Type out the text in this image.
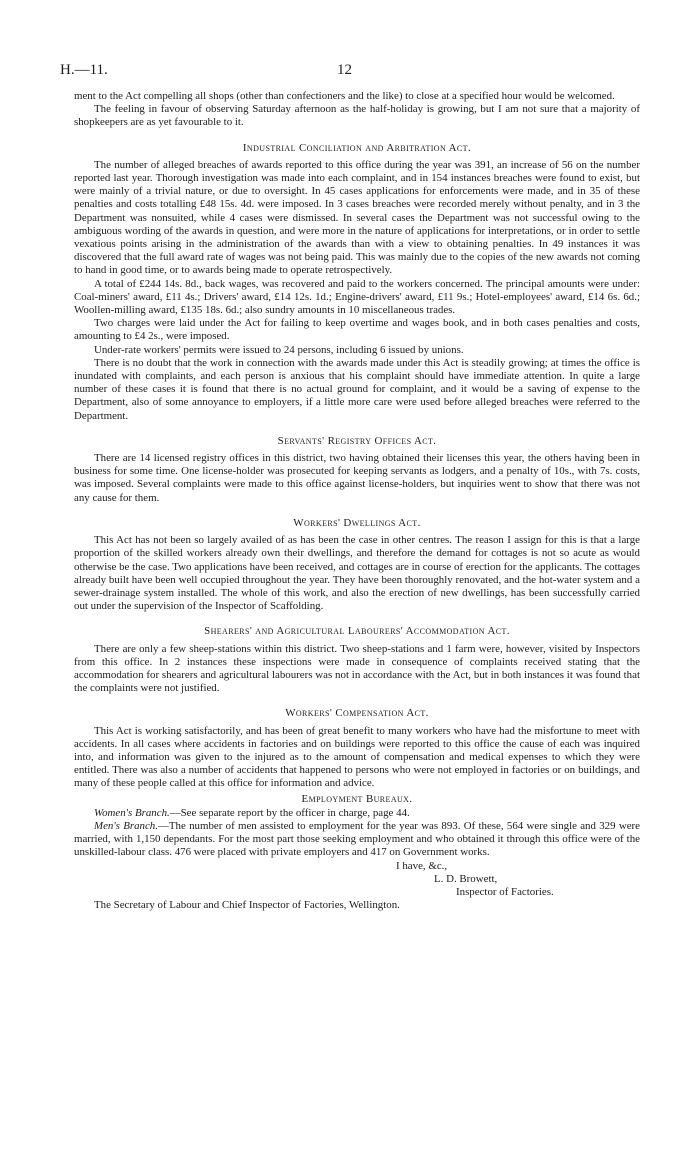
H.—11.	12

ment to the Act compelling all shops (other than confectioners and the like) to close at a specified hour would be welcomed.

The feeling in favour of observing Saturday afternoon as the half-holiday is growing, but I am not sure that a majority of shopkeepers are as yet favourable to it.

Industrial Conciliation and Arbitration Act.

The number of alleged breaches of awards reported to this office during the year was 391, an increase of 56 on the number reported last year. Thorough investigation was made into each complaint, and in 154 instances breaches were found to exist, but were mainly of a trivial nature, or due to oversight. In 45 cases applications for enforcements were made, and in 35 of these penalties and costs totalling £48 15s. 4d. were imposed. In 3 cases breaches were recorded merely without penalty, and in 3 the Department was nonsuited, while 4 cases were dismissed. In several cases the Department was not successful owing to the ambiguous wording of the awards in question, and were more in the nature of applications for interpretations, or in order to settle vexatious points arising in the administration of the awards than with a view to obtaining penalties. In 49 instances it was discovered that the full award rate of wages was not being paid. This was mainly due to the copies of the new awards not coming to hand in good time, or to awards being made to operate retrospectively.

A total of £244 14s. 8d., back wages, was recovered and paid to the workers concerned. The principal amounts were under: Coal-miners' award, £11 4s.; Drivers' award, £14 12s. 1d.; Engine-drivers' award, £11 9s.; Hotel-employees' award, £14 6s. 6d.; Woollen-milling award, £135 18s. 6d.; also sundry amounts in 10 miscellaneous trades.

Two charges were laid under the Act for failing to keep overtime and wages book, and in both cases penalties and costs, amounting to £4 2s., were imposed.

Under-rate workers' permits were issued to 24 persons, including 6 issued by unions.

There is no doubt that the work in connection with the awards made under this Act is steadily growing; at times the office is inundated with complaints, and each person is anxious that his complaint should have immediate attention. In quite a large number of these cases it is found that there is no actual ground for complaint, and it would be a saving of expense to the Department, also of some annoyance to employers, if a little more care were used before alleged breaches were referred to the Department.

Servants' Registry Offices Act.

There are 14 licensed registry offices in this district, two having obtained their licenses this year, the others having been in business for some time. One license-holder was prosecuted for keeping servants as lodgers, and a penalty of 10s., with 7s. costs, was imposed. Several complaints were made to this office against license-holders, but inquiries went to show that there was not any cause for them.

Workers' Dwellings Act.

This Act has not been so largely availed of as has been the case in other centres. The reason I assign for this is that a large proportion of the skilled workers already own their dwellings, and therefore the demand for cottages is not so acute as would otherwise be the case. Two applications have been received, and cottages are in course of erection for the applicants. The cottages already built have been well occupied throughout the year. They have been thoroughly renovated, and the hot-water system and a sewer-drainage system installed. The whole of this work, and also the erection of new dwellings, has been successfully carried out under the supervision of the Inspector of Scaffolding.

Shearers' and Agricultural Labourers' Accommodation Act.

There are only a few sheep-stations within this district. Two sheep-stations and 1 farm were, however, visited by Inspectors from this office. In 2 instances these inspections were made in consequence of complaints received stating that the accommodation for shearers and agricultural labourers was not in accordance with the Act, but in both instances it was found that the complaints were not justified.

Workers' Compensation Act.

This Act is working satisfactorily, and has been of great benefit to many workers who have had the misfortune to meet with accidents. In all cases where accidents in factories and on buildings were reported to this office the cause of each was inquired into, and information was given to the injured as to the amount of compensation and medical expenses to which they were entitled. There was also a number of accidents that happened to persons who were not employed in factories or on buildings, and many of these people called at this office for information and advice.

Employment Bureaux.

Women's Branch.—See separate report by the officer in charge, page 44.

Men's Branch.—The number of men assisted to employment for the year was 893. Of these, 564 were single and 329 were married, with 1,150 dependants. For the most part those seeking employment and who obtained it through this office were of the unskilled-labour class. 476 were placed with private employers and 417 on Government works.

I have, &c.,
L. D. Browett,
Inspector of Factories.
The Secretary of Labour and Chief Inspector of Factories, Wellington.
